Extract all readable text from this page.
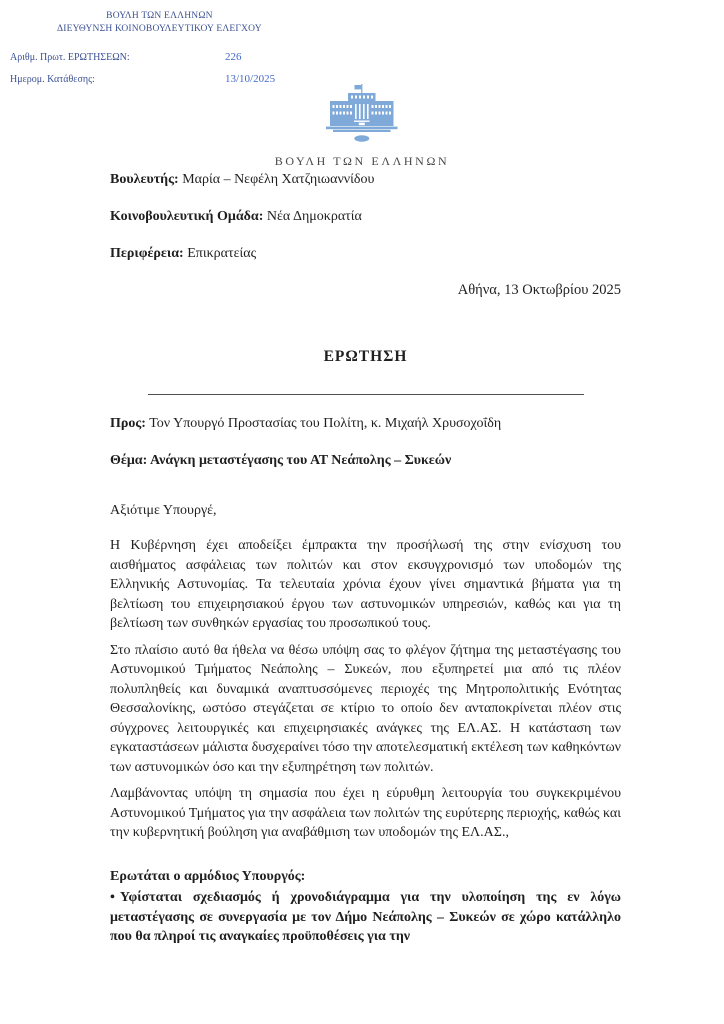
ΒΟΥΛΗ ΤΩΝ ΕΛΛΗΝΩΝ
ΔΙΕΥΘΥΝΣΗ ΚΟΙΝΟΒΟΥΛΕΥΤΙΚΟΥ ΕΛΕΓΧΟΥ
Αριθμ. Πρωτ. ΕΡΩΤΗΣΕΩΝ:	226
Ημερομ. Κατάθεσης:	13/10/2025
ΒΟΥΛΗ ΤΩΝ ΕΛΛΗΝΩΝ

Βουλευτής: Μαρία – Νεφέλη Χατζηιωαννίδου

Κοινοβουλευτική Ομάδα: Νέα Δημοκρατία

Περιφέρεια: Επικρατείας

Αθήνα, 13 Οκτωβρίου 2025

ΕΡΩΤΗΣΗ

Προς: Τον Υπουργό Προστασίας του Πολίτη, κ. Μιχαήλ Χρυσοχοΐδη

Θέμα: Ανάγκη μεταστέγασης του ΑΤ Νεάπολης – Συκεών

Αξιότιμε Υπουργέ,

Η Κυβέρνηση έχει αποδείξει έμπρακτα την προσήλωσή της στην ενίσχυση του αισθήματος ασφάλειας των πολιτών και στον εκσυγχρονισμό των υποδομών της Ελληνικής Αστυνομίας. Τα τελευταία χρόνια έχουν γίνει σημαντικά βήματα για τη βελτίωση του επιχειρησιακού έργου των αστυνομικών υπηρεσιών, καθώς και για τη βελτίωση των συνθηκών εργασίας του προσωπικού τους.

Στο πλαίσιο αυτό θα ήθελα να θέσω υπόψη σας το φλέγον ζήτημα της μεταστέγασης του Αστυνομικού Τμήματος Νεάπολης – Συκεών, που εξυπηρετεί μια από τις πλέον πολυπληθείς και δυναμικά αναπτυσσόμενες περιοχές της Μητροπολιτικής Ενότητας Θεσσαλονίκης, ωστόσο στεγάζεται σε κτίριο το οποίο δεν ανταποκρίνεται πλέον στις σύγχρονες λειτουργικές και επιχειρησιακές ανάγκες της ΕΛ.ΑΣ. Η κατάσταση των εγκαταστάσεων μάλιστα δυσχεραίνει τόσο την αποτελεσματική εκτέλεση των καθηκόντων των αστυνομικών όσο και την εξυπηρέτηση των πολιτών.

Λαμβάνοντας υπόψη τη σημασία που έχει η εύρυθμη λειτουργία του συγκεκριμένου Αστυνομικού Τμήματος για την ασφάλεια των πολιτών της ευρύτερης περιοχής, καθώς και την κυβερνητική βούληση για αναβάθμιση των υποδομών της ΕΛ.ΑΣ.,

Ερωτάται ο αρμόδιος Υπουργός:

• Υφίσταται σχεδιασμός ή χρονοδιάγραμμα για την υλοποίηση της εν λόγω μεταστέγασης σε συνεργασία με τον Δήμο Νεάπολης – Συκεών σε χώρο κατάλληλο που θα πληροί τις αναγκαίες προϋποθέσεις για την
